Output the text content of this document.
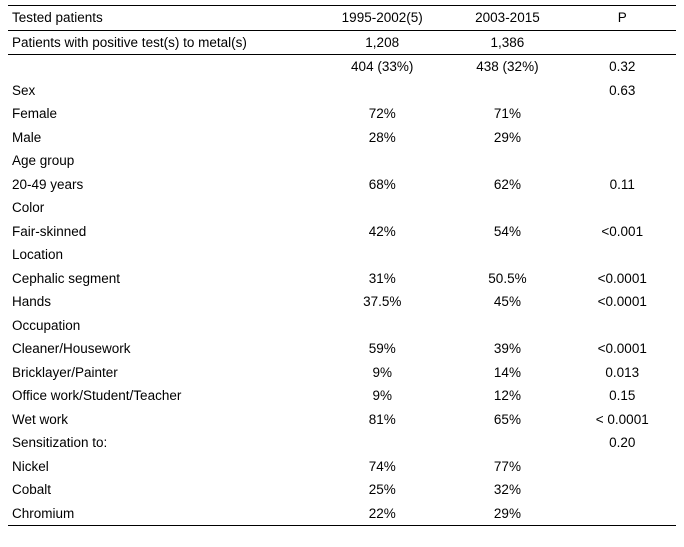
Tested patients	1995-2002(5)	2003-2015	P
Patients with positive test(s) to metal(s)	1,208	1,386	
	404 (33%)	438 (32%)	0.32
Sex			0.63
Female	72%	71%	
Male	28%	29%	
Age group			
20-49 years	68%	62%	0.11
Color			
Fair-skinned	42%	54%	<0.001
Location			
Cephalic segment	31%	50.5%	<0.0001
Hands	37.5%	45%	<0.0001
Occupation			
Cleaner/Housework	59%	39%	<0.0001
Bricklayer/Painter	9%	14%	0.013
Office work/Student/Teacher	9%	12%	0.15
Wet work	81%	65%	< 0.0001
Sensitization to:			0.20
Nickel	74%	77%	
Cobalt	25%	32%	
Chromium	22%	29%	
